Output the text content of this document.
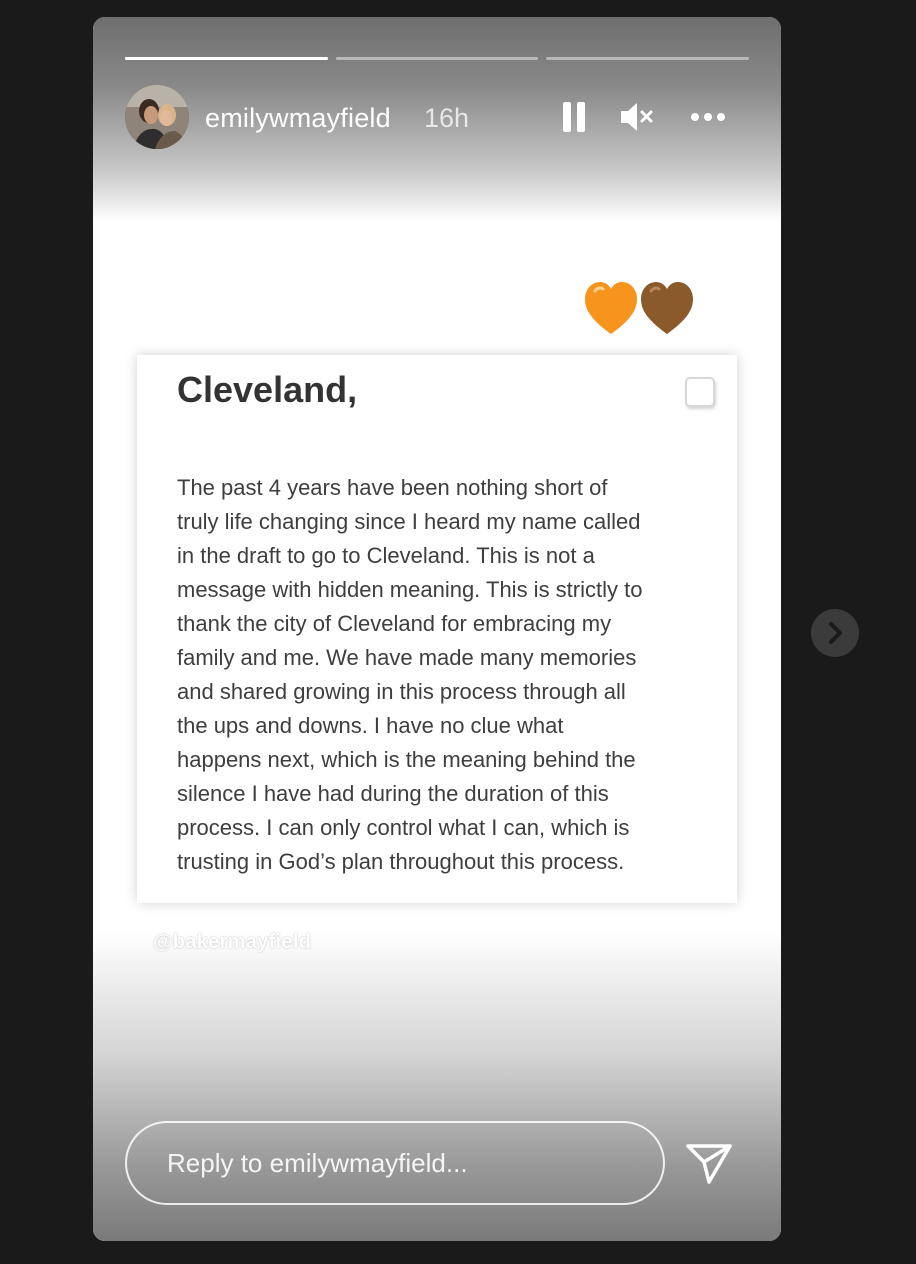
emilywmayfield 16h
Cleveland,

The past 4 years have been nothing short of

truly life changing since I heard my name called

in the draft to go to Cleveland. This is not a

message with hidden meaning. This is strictly to

thank the city of Cleveland for embracing my

family and me. We have made many memories

and shared growing in this process through all

the ups and downs. I have no clue what

happens next, which is the meaning behind the

silence I have had during the duration of this

process. I can only control what I can, which is

trusting in God’s plan throughout this process.

@bakermayfield
Reply to emilywmayfield...
